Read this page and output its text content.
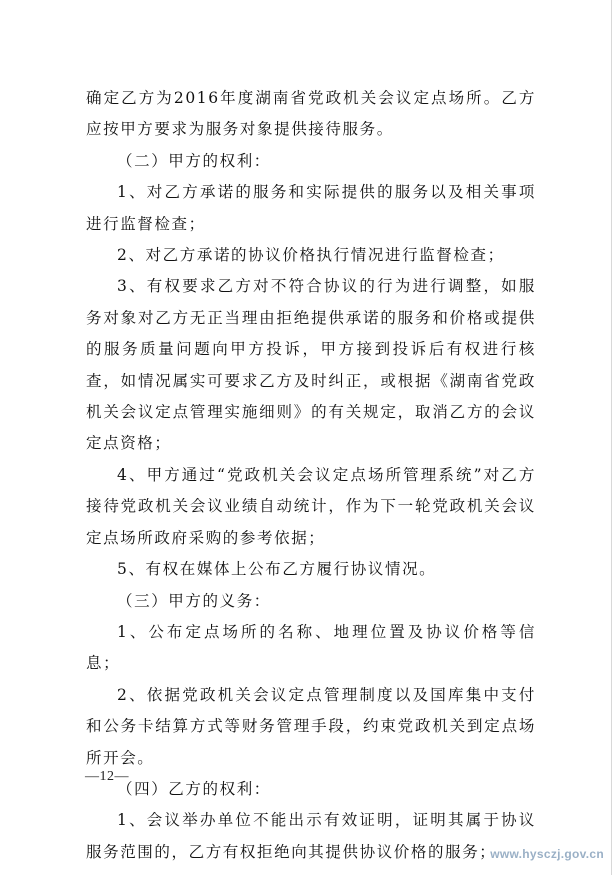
确定乙方为2016年度湖南省党政机关会议定点场所。乙方应按甲方要求为服务对象提供接待服务。

（二）甲方的权利：

1、对乙方承诺的服务和实际提供的服务以及相关事项进行监督检查；

2、对乙方承诺的协议价格执行情况进行监督检查；

3、有权要求乙方对不符合协议的行为进行调整，如服务对象对乙方无正当理由拒绝提供承诺的服务和价格或提供的服务质量问题向甲方投诉，甲方接到投诉后有权进行核查，如情况属实可要求乙方及时纠正，或根据《湖南省党政机关会议定点管理实施细则》的有关规定，取消乙方的会议定点资格；

4、甲方通过“党政机关会议定点场所管理系统”对乙方接待党政机关会议业绩自动统计，作为下一轮党政机关会议定点场所政府采购的参考依据；

5、有权在媒体上公布乙方履行协议情况。

（三）甲方的义务：

1、公布定点场所的名称、地理位置及协议价格等信息；

2、依据党政机关会议定点管理制度以及国库集中支付和公务卡结算方式等财务管理手段，约束党政机关到定点场所开会。

（四）乙方的权利：

1、会议举办单位不能出示有效证明，证明其属于协议服务范围的，乙方有权拒绝向其提供协议价格的服务；

—12—
www.hysczj.gov.cn
